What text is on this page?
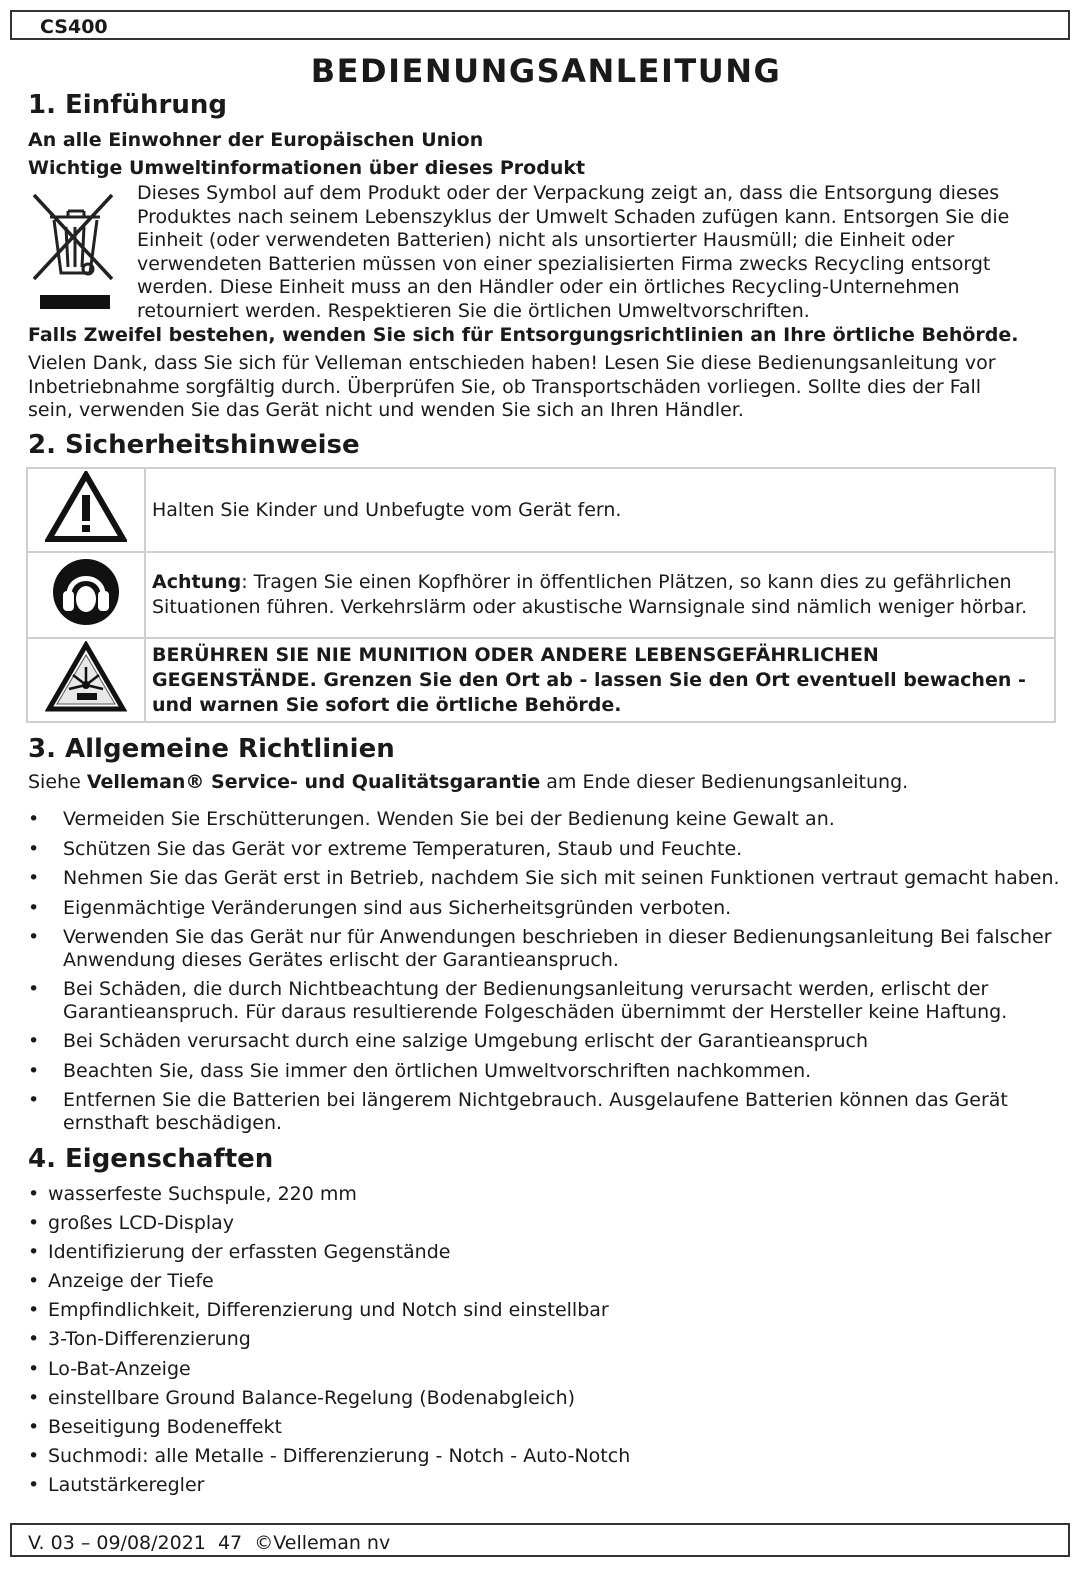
CS400
BEDIENUNGSANLEITUNG
1. Einführung
An alle Einwohner der Europäischen Union
Wichtige Umweltinformationen über dieses Produkt
Dieses Symbol auf dem Produkt oder der Verpackung zeigt an, dass die Entsorgung dieses
Produktes nach seinem Lebenszyklus der Umwelt Schaden zufügen kann. Entsorgen Sie die
Einheit (oder verwendeten Batterien) nicht als unsortierter Hausmüll; die Einheit oder
verwendeten Batterien müssen von einer spezialisierten Firma zwecks Recycling entsorgt
werden. Diese Einheit muss an den Händler oder ein örtliches Recycling-Unternehmen
retourniert werden. Respektieren Sie die örtlichen Umweltvorschriften.
Falls Zweifel bestehen, wenden Sie sich für Entsorgungsrichtlinien an Ihre örtliche Behörde.
Vielen Dank, dass Sie sich für Velleman entschieden haben! Lesen Sie diese Bedienungsanleitung vor
Inbetriebnahme sorgfältig durch. Überprüfen Sie, ob Transportschäden vorliegen. Sollte dies der Fall
sein, verwenden Sie das Gerät nicht und wenden Sie sich an Ihren Händler.
2. Sicherheitshinweise
	Halten Sie Kinder und Unbefugte vom Gerät fern.
	Achtung: Tragen Sie einen Kopfhörer in öffentlichen Plätzen, so kann dies zu gefährlichen Situationen führen. Verkehrslärm oder akustische Warnsignale sind nämlich weniger hörbar.
	BERÜHREN SIE NIE MUNITION ODER ANDERE LEBENSGEFÄHRLICHEN GEGENSTÄNDE. Grenzen Sie den Ort ab - lassen Sie den Ort eventuell bewachen - und warnen Sie sofort die örtliche Behörde.
3. Allgemeine Richtlinien
Siehe Velleman® Service- und Qualitätsgarantie am Ende dieser Bedienungsanleitung.
• Vermeiden Sie Erschütterungen. Wenden Sie bei der Bedienung keine Gewalt an.
• Schützen Sie das Gerät vor extreme Temperaturen, Staub und Feuchte.
• Nehmen Sie das Gerät erst in Betrieb, nachdem Sie sich mit seinen Funktionen vertraut gemacht haben.
• Eigenmächtige Veränderungen sind aus Sicherheitsgründen verboten.
• Verwenden Sie das Gerät nur für Anwendungen beschrieben in dieser Bedienungsanleitung Bei falscher Anwendung dieses Gerätes erlischt der Garantieanspruch.
• Bei Schäden, die durch Nichtbeachtung der Bedienungsanleitung verursacht werden, erlischt der Garantieanspruch. Für daraus resultierende Folgeschäden übernimmt der Hersteller keine Haftung.
• Bei Schäden verursacht durch eine salzige Umgebung erlischt der Garantieanspruch
• Beachten Sie, dass Sie immer den örtlichen Umweltvorschriften nachkommen.
• Entfernen Sie die Batterien bei längerem Nichtgebrauch. Ausgelaufene Batterien können das Gerät ernsthaft beschädigen.
4. Eigenschaften
• wasserfeste Suchspule, 220 mm
• großes LCD-Display
• Identifizierung der erfassten Gegenstände
• Anzeige der Tiefe
• Empfindlichkeit, Differenzierung und Notch sind einstellbar
• 3-Ton-Differenzierung
• Lo-Bat-Anzeige
• einstellbare Ground Balance-Regelung (Bodenabgleich)
• Beseitigung Bodeneffekt
• Suchmodi: alle Metalle - Differenzierung - Notch - Auto-Notch
• Lautstärkeregler
V. 03 – 09/08/2021  47  ©Velleman nv
